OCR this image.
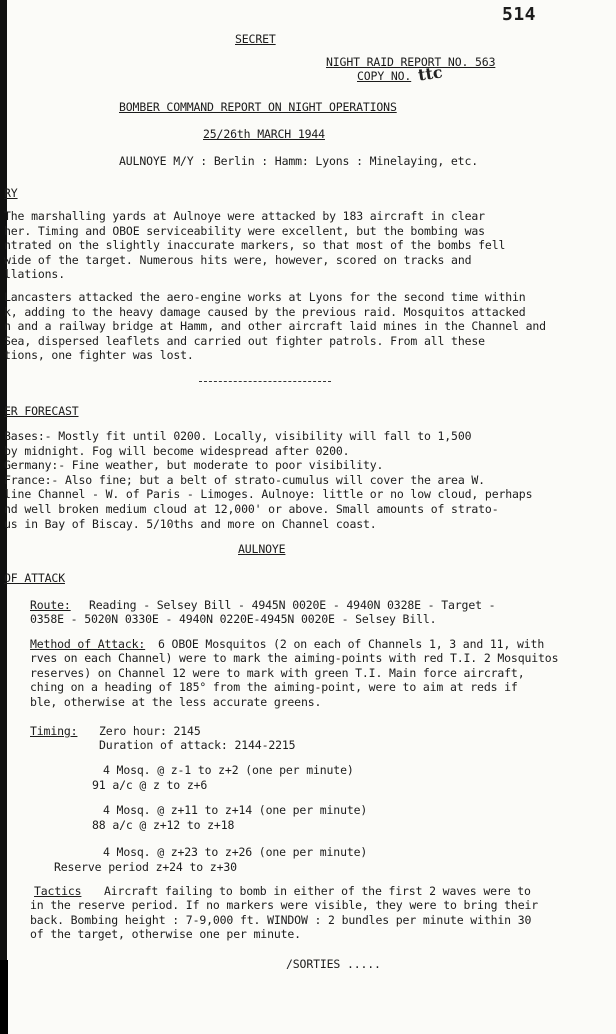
514
SECRET
NIGHT RAID REPORT NO. 563
COPY NO. ttc
BOMBER COMMAND REPORT ON NIGHT OPERATIONS
25/26th MARCH 1944
AULNOYE M/Y : Berlin : Hamm: Lyons : Minelaying, etc.
RY
The marshalling yards at Aulnoye were attacked by 183 aircraft in clear
her. Timing and OBOE serviceability were excellent, but the bombing was
ntrated on the slightly inaccurate markers, so that most of the bombs fell
wide of the target. Numerous hits were, however, scored on tracks and
llations.
Lancasters attacked the aero-engine works at Lyons for the second time within
k, adding to the heavy damage caused by the previous raid. Mosquitos attacked
n and a railway bridge at Hamm, and other aircraft laid mines in the Channel and
Sea, dispersed leaflets and carried out fighter patrols. From all these
tions, one fighter was lost.
ER FORECAST
Bases:- Mostly fit until 0200. Locally, visibility will fall to 1,500
by midnight. Fog will become widespread after 0200.
Germany:- Fine weather, but moderate to poor visibility.
France:- Also fine; but a belt of strato-cumulus will cover the area W.
line Channel - W. of Paris - Limoges. Aulnoye: little or no low cloud, perhaps
nd well broken medium cloud at 12,000' or above. Small amounts of strato-
us in Bay of Biscay. 5/10ths and more on Channel coast.
AULNOYE
OF ATTACK
Route: Reading - Selsey Bill - 4945N 0020E - 4940N 0328E - Target -
0358E - 5020N 0330E - 4940N 0220E-4945N 0020E - Selsey Bill.
Method of Attack: 6 OBOE Mosquitos (2 on each of Channels 1, 3 and 11, with
rves on each Channel) were to mark the aiming-points with red T.I. 2 Mosquitos
reserves) on Channel 12 were to mark with green T.I. Main force aircraft,
ching on a heading of 185° from the aiming-point, were to aim at reds if
ble, otherwise at the less accurate greens.
Timing: Zero hour: 2145
Duration of attack: 2144-2215
4 Mosq. @ z-1 to z+2 (one per minute)
91 a/c @ z to z+6
4 Mosq. @ z+11 to z+14 (one per minute)
88 a/c @ z+12 to z+18
4 Mosq. @ z+23 to z+26 (one per minute)
Reserve period z+24 to z+30
Tactics Aircraft failing to bomb in either of the first 2 waves were to
in the reserve period. If no markers were visible, they were to bring their
back. Bombing height : 7-9,000 ft. WINDOW : 2 bundles per minute within 30
of the target, otherwise one per minute.
/SORTIES .....
